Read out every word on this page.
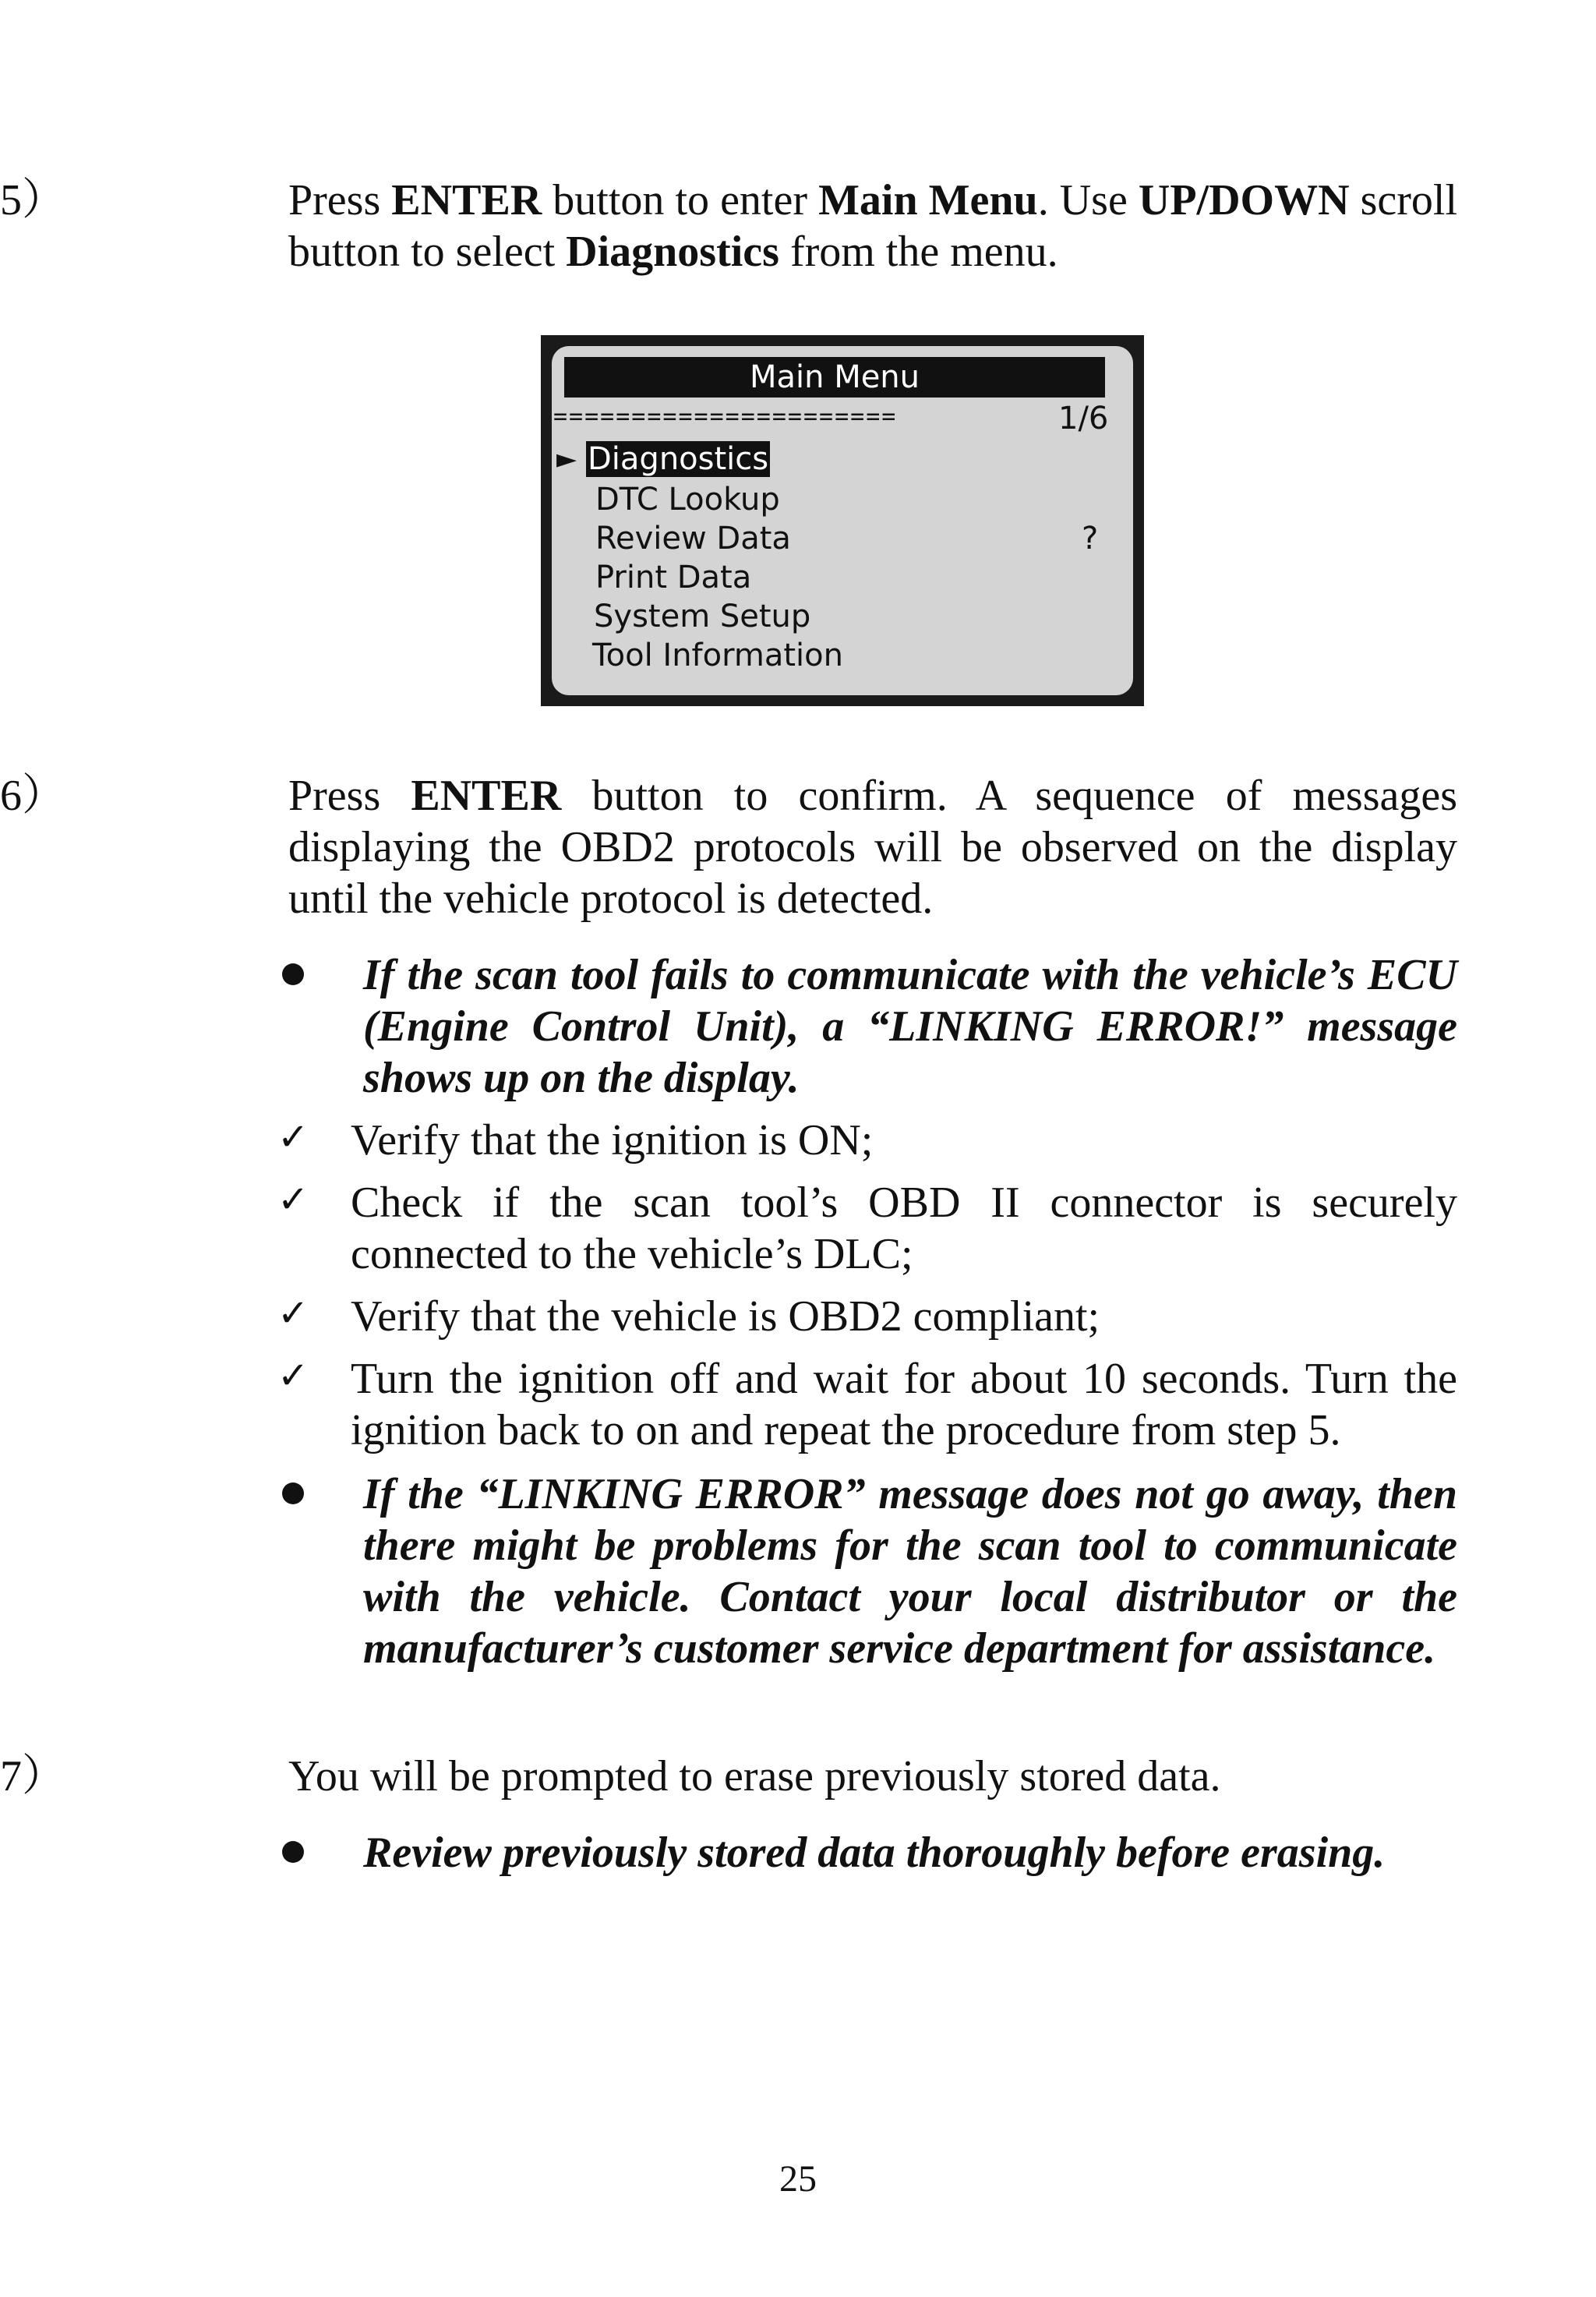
5）	Press ENTER button to enter Main Menu. Use UP/DOWN scroll button to select Diagnostics from the menu.
Main Menu
======================	1/6
► Diagnostics
DTC Lookup
Review Data	?
Print Data
System Setup
Tool Information
6）	Press ENTER button to confirm. A sequence of messages displaying the OBD2 protocols will be observed on the display until the vehicle protocol is detected.
If the scan tool fails to communicate with the vehicle’s ECU (Engine Control Unit), a “LINKING ERROR!” message shows up on the display.
✓ Verify that the ignition is ON;
✓ Check if the scan tool’s OBD II connector is securely connected to the vehicle’s DLC;
✓ Verify that the vehicle is OBD2 compliant;
✓ Turn the ignition off and wait for about 10 seconds. Turn the ignition back to on and repeat the procedure from step 5.
If the “LINKING ERROR” message does not go away, then there might be problems for the scan tool to communicate with the vehicle. Contact your local distributor or the manufacturer’s customer service department for assistance.
7）	You will be prompted to erase previously stored data.
Review previously stored data thoroughly before erasing.
25
